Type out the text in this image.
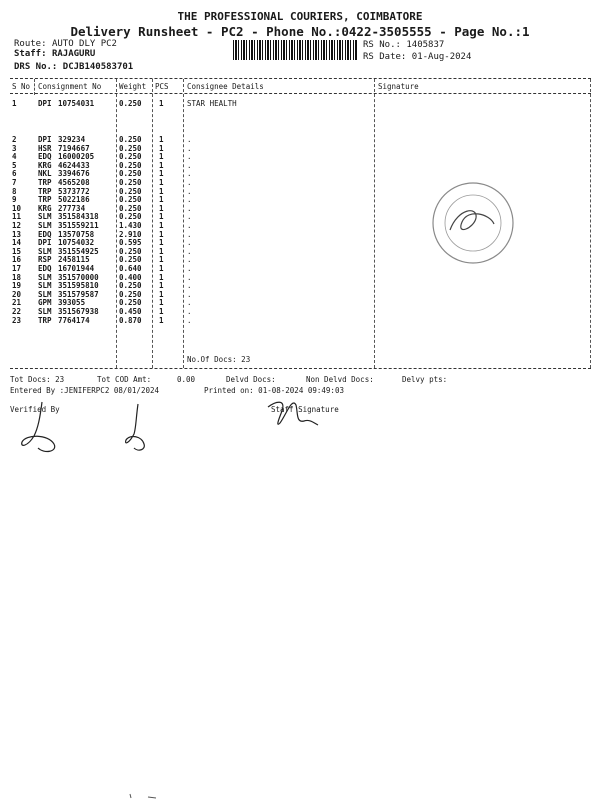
THE PROFESSIONAL COURIERS, COIMBATORE
Delivery Runsheet - PC2 - Phone No.:0422-3505555 - Page No.:1
Route: AUTO DLY PC2
Staff: RAJAGURU
DRS No.: DCJB140583701
RS No.: 1405837
RS Date: 01-Aug-2024
S No Consignment No Weight PCS Consignee Details	Signature
1	DPI 10754031	0.250 1	STAR HEALTH
2	DPI 329234	0.250 1	.
3	HSR 7194667	0.250 1	.
4	EDQ 16000205	0.250 1	.
5	KRG 4624433	0.250 1	.
6	NKL 3394676	0.250 1	.
7	TRP 4565208	0.250 1	.
8	TRP 5373772	0.250 1	.
9	TRP 5022186	0.250 1	.
10 KRG 277734	0.250 1	.
11 SLM 351584318	0.250 1	.
12 SLM 351559211	1.430 1	.
13 EDQ 13570758	2.910 1	.
14 DPI 10754032	0.595 1	.
15 SLM 351554925	0.250 1	.
16 RSP 2458115	0.250 1	.
17 EDQ 16701944	0.640 1	.
18 SLM 351570000	0.400 1	.
19 SLM 351595810	0.250 1	.
20 SLM 351579587	0.250 1	.
21 GPM 393055	0.250 1	.
22 SLM 351567938	0.450 1	.
23 TRP 7764174	0.870 1	.
No.Of Docs: 23
Tot Docs: 23	Tot COD Amt:	0.00	Delvd Docs:	Non Delvd Docs:	Delvy pts:
Entered By :JENIFERPC2 08/01/2024	Printed on: 01-08-2024 09:49:03
Verified By	Staff Signature
